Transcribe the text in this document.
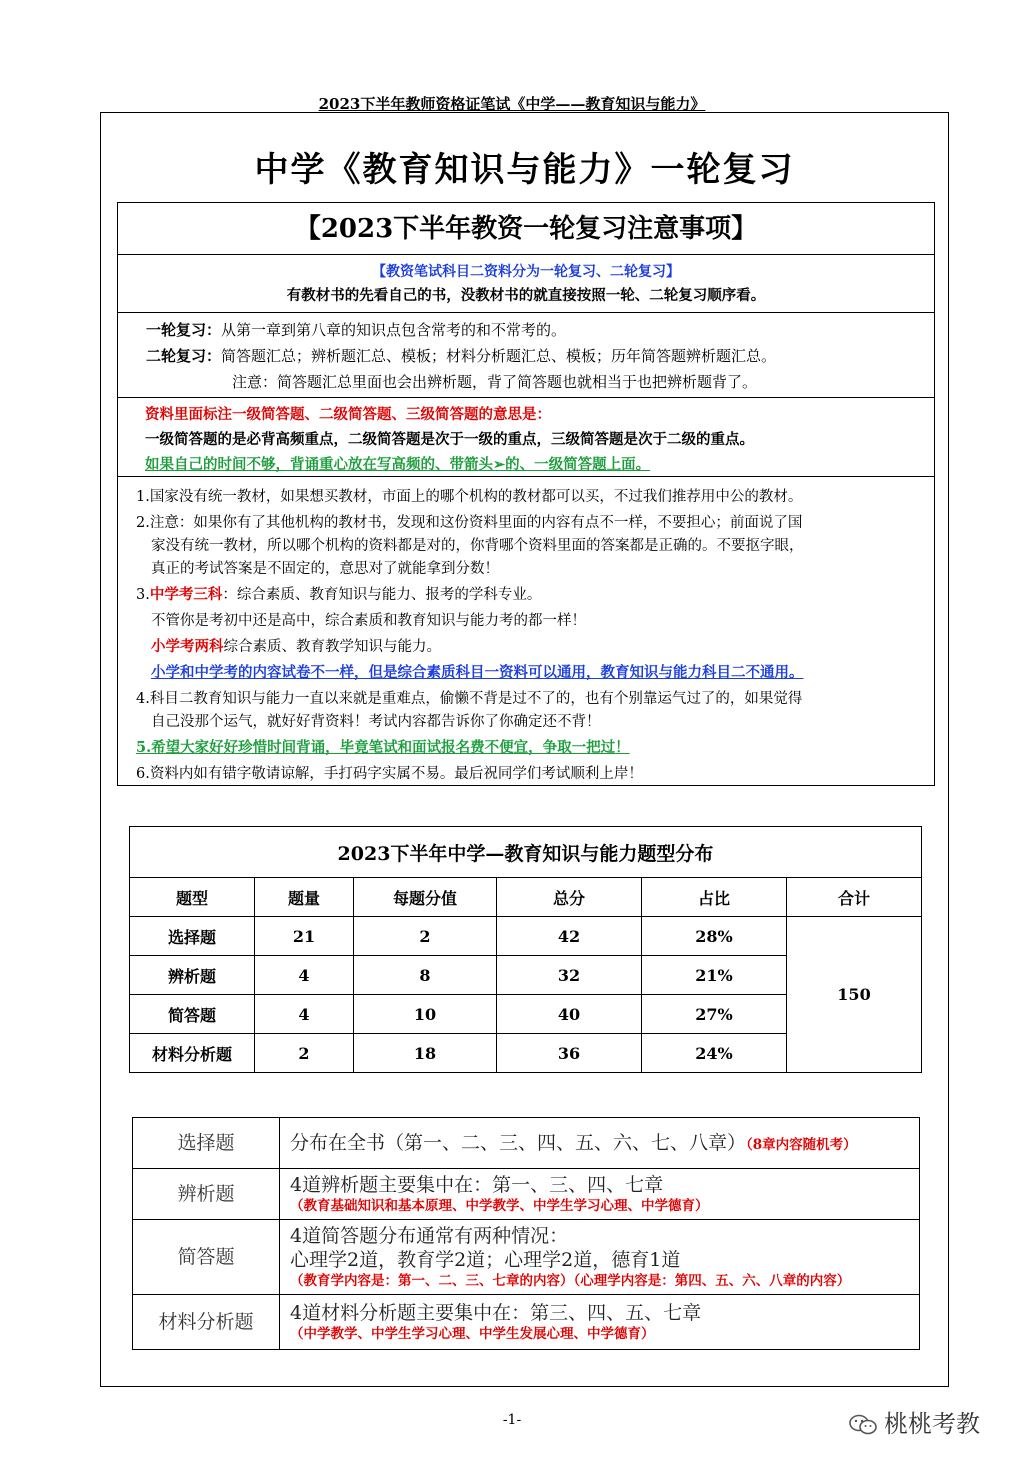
2023下半年教师资格证笔试《中学——教育知识与能力》
中学《教育知识与能力》一轮复习
【2023下半年教资一轮复习注意事项】
【教资笔试科目二资料分为一轮复习、二轮复习】
有教材书的先看自己的书，没教材书的就直接按照一轮、二轮复习顺序看。
一轮复习：从第一章到第八章的知识点包含常考的和不常考的。
二轮复习：简答题汇总；辨析题汇总、模板；材料分析题汇总、模板；历年简答题辨析题汇总。
注意：简答题汇总里面也会出辨析题，背了简答题也就相当于也把辨析题背了。
资料里面标注一级简答题、二级简答题、三级简答题的意思是：
一级简答题的是必背高频重点，二级简答题是次于一级的重点，三级简答题是次于二级的重点。
如果自己的时间不够，背诵重心放在写高频的、带箭头➢的、一级简答题上面。
1.国家没有统一教材，如果想买教材，市面上的哪个机构的教材都可以买，不过我们推荐用中公的教材。
2.注意：如果你有了其他机构的教材书，发现和这份资料里面的内容有点不一样，不要担心；前面说了国
家没有统一教材，所以哪个机构的资料都是对的，你背哪个资料里面的答案都是正确的。不要抠字眼，
真正的考试答案是不固定的，意思对了就能拿到分数！
3.中学考三科：综合素质、教育知识与能力、报考的学科专业。
不管你是考初中还是高中，综合素质和教育知识与能力考的都一样！
小学考两科综合素质、教育教学知识与能力。
小学和中学考的内容试卷不一样，但是综合素质科目一资料可以通用，教育知识与能力科目二不通用。
4.科目二教育知识与能力一直以来就是重难点，偷懒不背是过不了的，也有个别靠运气过了的，如果觉得
自己没那个运气，就好好背资料！考试内容都告诉你了你确定还不背！
5.希望大家好好珍惜时间背诵，毕竟笔试和面试报名费不便宜，争取一把过！
6.资料内如有错字敬请谅解，手打码字实属不易。最后祝同学们考试顺利上岸！
2023下半年中学—教育知识与能力题型分布					
题型	题量	每题分值	总分	占比	合计
选择题	21	2	42	28%	150
辨析题	4	8	32	21%	
简答题	4	10	40	27%	
材料分析题	2	18	36	24%	
选择题	分布在全书（第一、二、三、四、五、六、七、八章）（8章内容随机考）
辨析题	4道辨析题主要集中在：第一、三、四、七章
（教育基础知识和基本原理、中学教学、中学生学习心理、中学德育）

简答题	4道简答题分布通常有两种情况：
心理学2道，教育学2道；心理学2道，德育1道
（教育学内容是：第一、二、三、七章的内容）（心理学内容是：第四、五、六、八章的内容）

材料分析题	4道材料分析题主要集中在：第三、四、五、七章
（中学教学、中学生学习心理、中学生发展心理、中学德育）
-1-	桃桃考教
